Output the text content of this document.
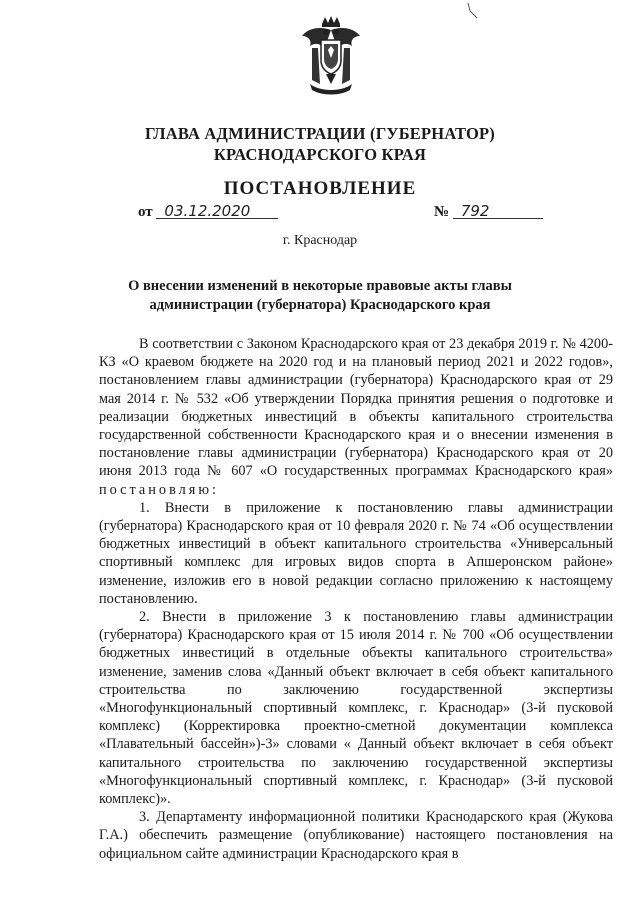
ГЛАВА АДМИНИСТРАЦИИ (ГУБЕРНАТОР)
КРАСНОДАРСКОГО КРАЯ
ПОСТАНОВЛЕНИЕ
от 03.12.2020	№ 792
г. Краснодар
О внесении изменений в некоторые правовые акты главы администрации (губернатора) Краснодарского края

В соответствии с Законом Краснодарского края от 23 декабря 2019 г. № 4200-КЗ «О краевом бюджете на 2020 год и на плановый период 2021 и 2022 годов», постановлением главы администрации (губернатора) Краснодарского края от 29 мая 2014 г. № 532 «Об утверждении Порядка принятия решения о подготовке и реализации бюджетных инвестиций в объекты капитального строительства государственной собственности Краснодарского края и о внесении изменения в постановление главы администрации (губернатора) Краснодарского края от 20 июня 2013 года № 607 «О государственных программах Краснодарского края» постановляю:

1. Внести в приложение к постановлению главы администрации (губернатора) Краснодарского края от 10 февраля 2020 г. № 74 «Об осуществлении бюджетных инвестиций в объект капитального строительства «Универсальный спортивный комплекс для игровых видов спорта в Апшеронском районе» изменение, изложив его в новой редакции согласно приложению к настоящему постановлению.

2. Внести в приложение 3 к постановлению главы администрации (губернатора) Краснодарского края от 15 июля 2014 г. № 700 «Об осуществлении бюджетных инвестиций в отдельные объекты капитального строительства» изменение, заменив слова «Данный объект включает в себя объект капитального строительства по заключению государственной экспертизы «Многофункциональный спортивный комплекс, г. Краснодар» (3-й пусковой комплекс) (Корректировка проектно-сметной документации комплекса «Плавательный бассейн»)-3» словами « Данный объект включает в себя объект капитального строительства по заключению государственной экспертизы «Многофункциональный спортивный комплекс, г. Краснодар» (3-й пусковой комплекс)».

3. Департаменту информационной политики Краснодарского края (Жукова Г.А.) обеспечить размещение (опубликование) настоящего постановления на официальном сайте администрации Краснодарского края в
